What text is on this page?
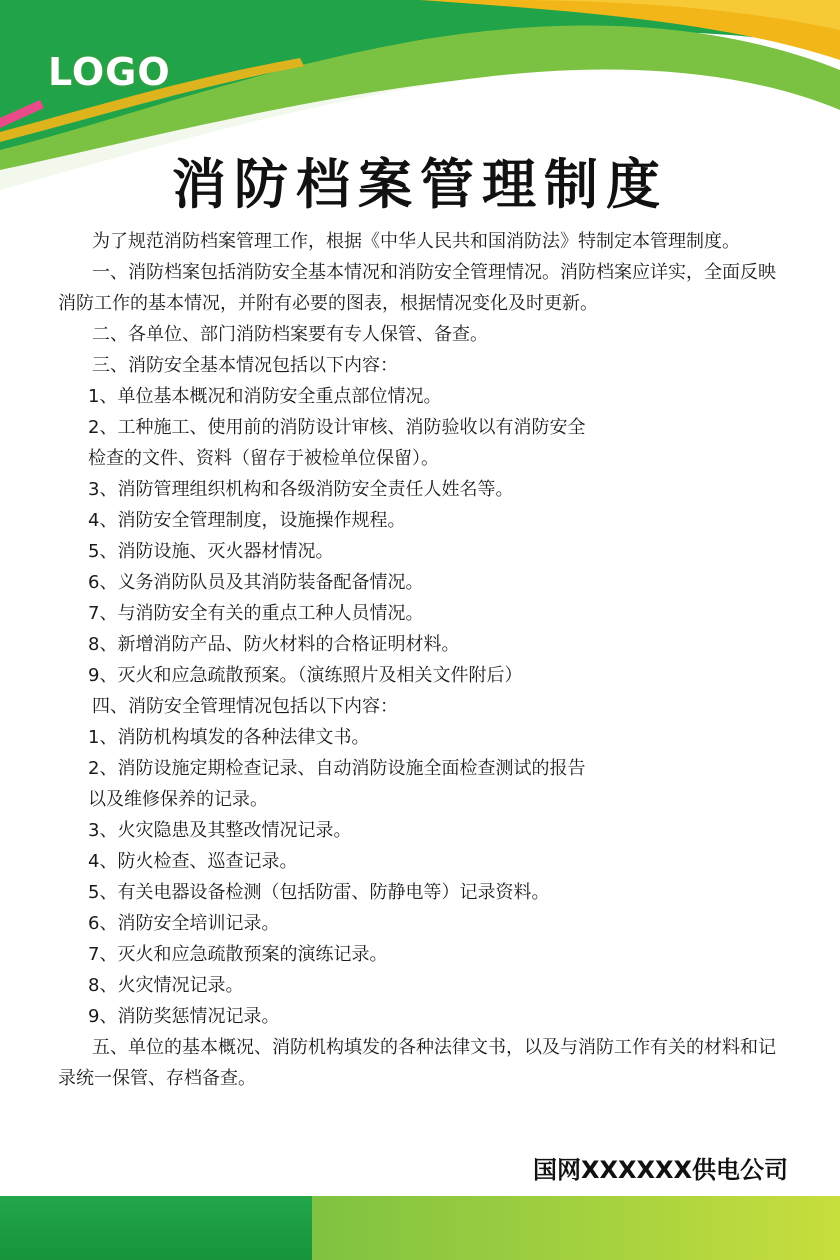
LOGO
消防档案管理制度

为了规范消防档案管理工作，根据《中华人民共和国消防法》特制定本管理制度。

一、消防档案包括消防安全基本情况和消防安全管理情况。消防档案应详实，全面反映消防工作的基本情况，并附有必要的图表，根据情况变化及时更新。

二、各单位、部门消防档案要有专人保管、备查。

三、消防安全基本情况包括以下内容：

1、单位基本概况和消防安全重点部位情况。

2、工种施工、使用前的消防设计审核、消防验收以有消防安全

检查的文件、资料（留存于被检单位保留）。

3、消防管理组织机构和各级消防安全责任人姓名等。

4、消防安全管理制度，设施操作规程。

5、消防设施、灭火器材情况。

6、义务消防队员及其消防装备配备情况。

7、与消防安全有关的重点工种人员情况。

8、新增消防产品、防火材料的合格证明材料。

9、灭火和应急疏散预案。（演练照片及相关文件附后）

四、消防安全管理情况包括以下内容：

1、消防机构填发的各种法律文书。

2、消防设施定期检查记录、自动消防设施全面检查测试的报告

以及维修保养的记录。

3、火灾隐患及其整改情况记录。

4、防火检查、巡查记录。

5、有关电器设备检测（包括防雷、防静电等）记录资料。

6、消防安全培训记录。

7、灭火和应急疏散预案的演练记录。

8、火灾情况记录。

9、消防奖惩情况记录。

五、单位的基本概况、消防机构填发的各种法律文书，以及与消防工作有关的材料和记录统一保管、存档备查。

国网XXXXXX供电公司
